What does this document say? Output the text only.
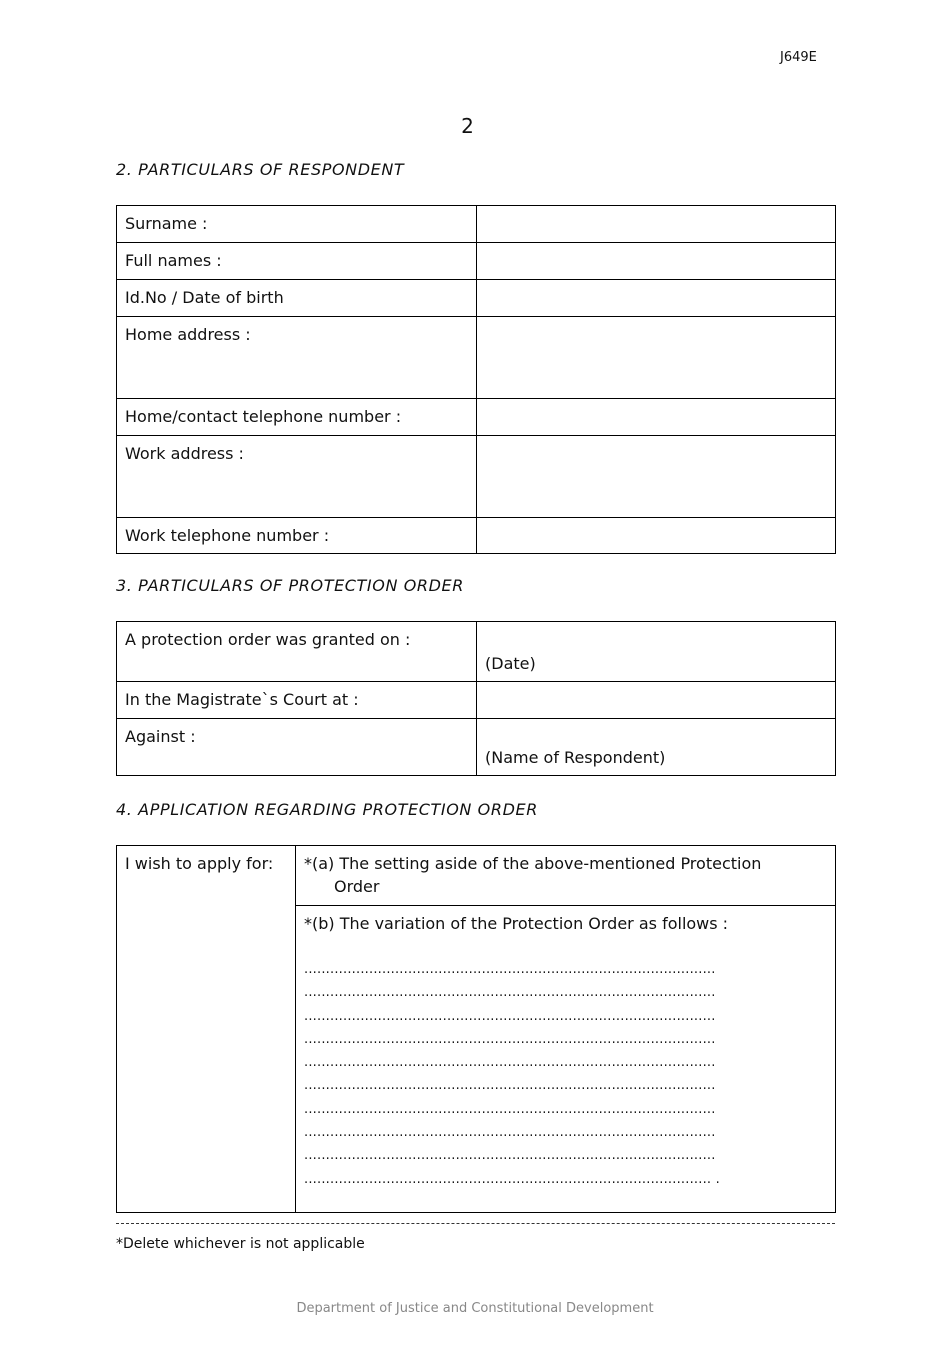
J649E
2
2. PARTICULARS OF RESPONDENT
Surname :	
Full names :	
Id.No / Date of birth	
Home address :	
Home/contact telephone number :	
Work address :	
Work telephone number :	
3. PARTICULARS OF PROTECTION ORDER
A protection order was granted on :	(Date)
In the Magistrate`s Court at :	
Against :	(Name of Respondent)
4. APPLICATION REGARDING PROTECTION ORDER
I wish to apply for:	*(a) The setting aside of the above-mentioned Protection
Order

*(b) The variation of the Protection Order as follows :
...............................................................................................
...............................................................................................
...............................................................................................
...............................................................................................
...............................................................................................
...............................................................................................
...............................................................................................
...............................................................................................
...............................................................................................
.............................................................................................. .
*Delete whichever is not applicable
Department of Justice and Constitutional Development
